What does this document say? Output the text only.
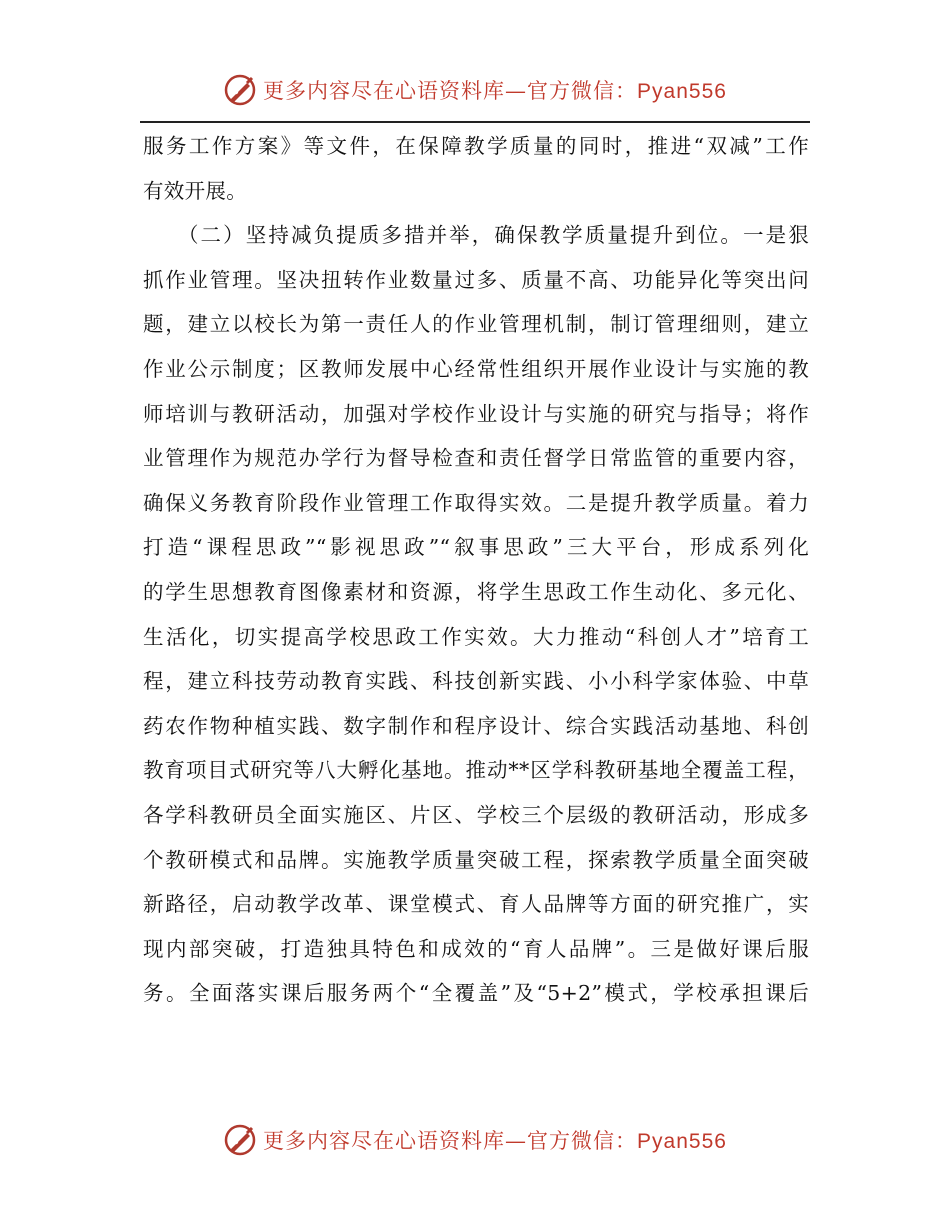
更多内容尽在心语资料库—官方微信：Pyan556
服务工作方案》等文件，在保障教学质量的同时，推进“双减”工作
有效开展。
　　（二）坚持减负提质多措并举，确保教学质量提升到位。一是狠
抓作业管理。坚决扭转作业数量过多、质量不高、功能异化等突出问
题，建立以校长为第一责任人的作业管理机制，制订管理细则，建立
作业公示制度；区教师发展中心经常性组织开展作业设计与实施的教
师培训与教研活动，加强对学校作业设计与实施的研究与指导；将作
业管理作为规范办学行为督导检查和责任督学日常监管的重要内容，
确保义务教育阶段作业管理工作取得实效。二是提升教学质量。着力
打造“课程思政”“影视思政”“叙事思政”三大平台，形成系列化
的学生思想教育图像素材和资源，将学生思政工作生动化、多元化、
生活化，切实提高学校思政工作实效。大力推动“科创人才”培育工
程，建立科技劳动教育实践、科技创新实践、小小科学家体验、中草
药农作物种植实践、数字制作和程序设计、综合实践活动基地、科创
教育项目式研究等八大孵化基地。推动**区学科教研基地全覆盖工程，
各学科教研员全面实施区、片区、学校三个层级的教研活动，形成多
个教研模式和品牌。实施教学质量突破工程，探索教学质量全面突破
新路径，启动教学改革、课堂模式、育人品牌等方面的研究推广，实
现内部突破，打造独具特色和成效的“育人品牌”。三是做好课后服
务。全面落实课后服务两个“全覆盖”及“5+2”模式，学校承担课后
更多内容尽在心语资料库—官方微信：Pyan556
